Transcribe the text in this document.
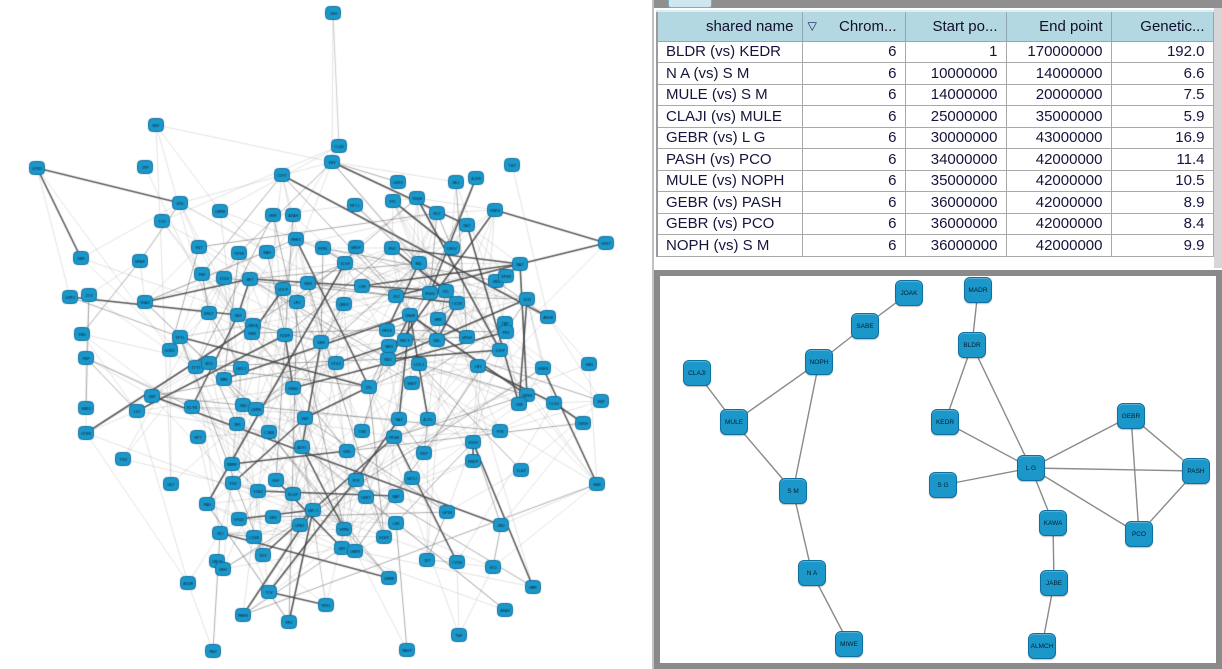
shared name	▽ Chrom...	Start po...	End point	Genetic...

BLDR (vs) KEDR	6	1	170000000	192.0
N A (vs) S M	6	10000000	14000000	6.6
MULE (vs) S M	6	14000000	20000000	7.5
CLAJI (vs) MULE	6	25000000	35000000	5.9
GEBR (vs) L G	6	30000000	43000000	16.9
PASH (vs) PCO	6	34000000	42000000	11.4
MULE (vs) NOPH	6	35000000	42000000	10.5
GEBR (vs) PASH	6	36000000	42000000	8.9
GEBR (vs) PCO	6	36000000	42000000	8.4
NOPH (vs) S M	6	36000000	42000000	9.9
JOAK
SABE
NOPH
CLAJI
MULE
S M
N A
MIWE
MADR
BLDR
KEDR
L G
S G
GEBR
PASH
PCO
KAWA
JABE
ALMCH
